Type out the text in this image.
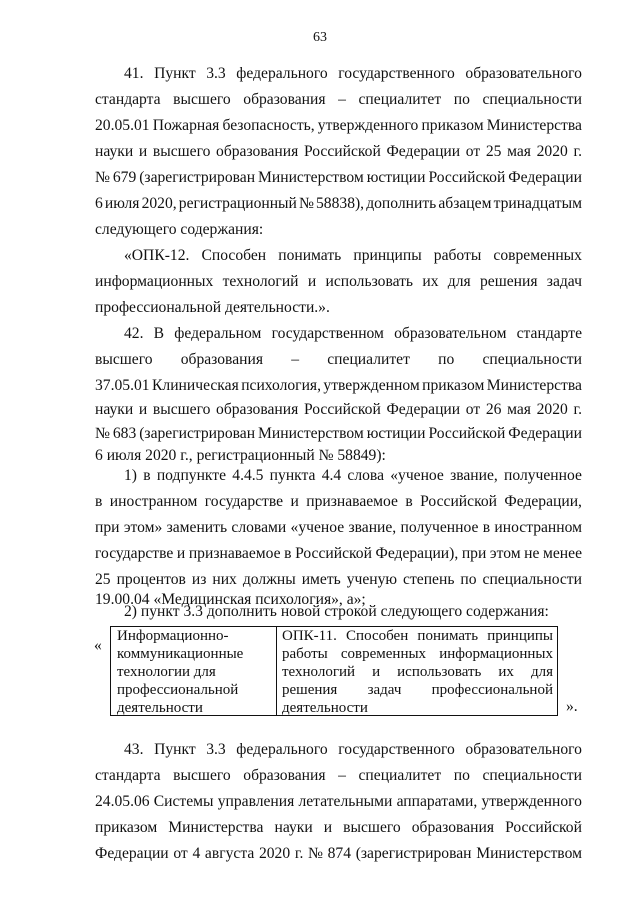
63
41. Пункт 3.3 федерального государственного образовательного
стандарта высшего образования – специалитет по специальности
20.05.01 Пожарная безопасность, утвержденного приказом Министерства
науки и высшего образования Российской Федерации от 25 мая 2020 г.
№ 679 (зарегистрирован Министерством юстиции Российской Федерации
6 июля 2020, регистрационный № 58838), дополнить абзацем тринадцатым
следующего содержания:
«ОПК-12. Способен понимать принципы работы современных
информационных технологий и использовать их для решения задач
профессиональной деятельности.».
42. В федеральном государственном образовательном стандарте
высшего образования – специалитет по специальности
37.05.01 Клиническая психология, утвержденном приказом Министерства
науки и высшего образования Российской Федерации от 26 мая 2020 г.
№ 683 (зарегистрирован Министерством юстиции Российской Федерации
6 июля 2020 г., регистрационный № 58849):
1) в подпункте 4.4.5 пункта 4.4 слова «ученое звание, полученное
в иностранном государстве и признаваемое в Российской Федерации,
при этом» заменить словами «ученое звание, полученное в иностранном
государстве и признаваемое в Российской Федерации), при этом не менее
25 процентов из них должны иметь ученую степень по специальности
19.00.04 «Медицинская психология», а»;
2) пункт 3.3 дополнить новой строкой следующего содержания:
43. Пункт 3.3 федерального государственного образовательного
стандарта высшего образования – специалитет по специальности
24.05.06 Системы управления летательными аппаратами, утвержденного
приказом Министерства науки и высшего образования Российской
Федерации от 4 августа 2020 г. № 874 (зарегистрирован Министерством
«
Информационно-
коммуникационные
технологии для
профессиональной
деятельности
ОПК-11. Способен понимать принципы
работы современных информационных
технологий и использовать их для
решения задач профессиональной
деятельности	».
